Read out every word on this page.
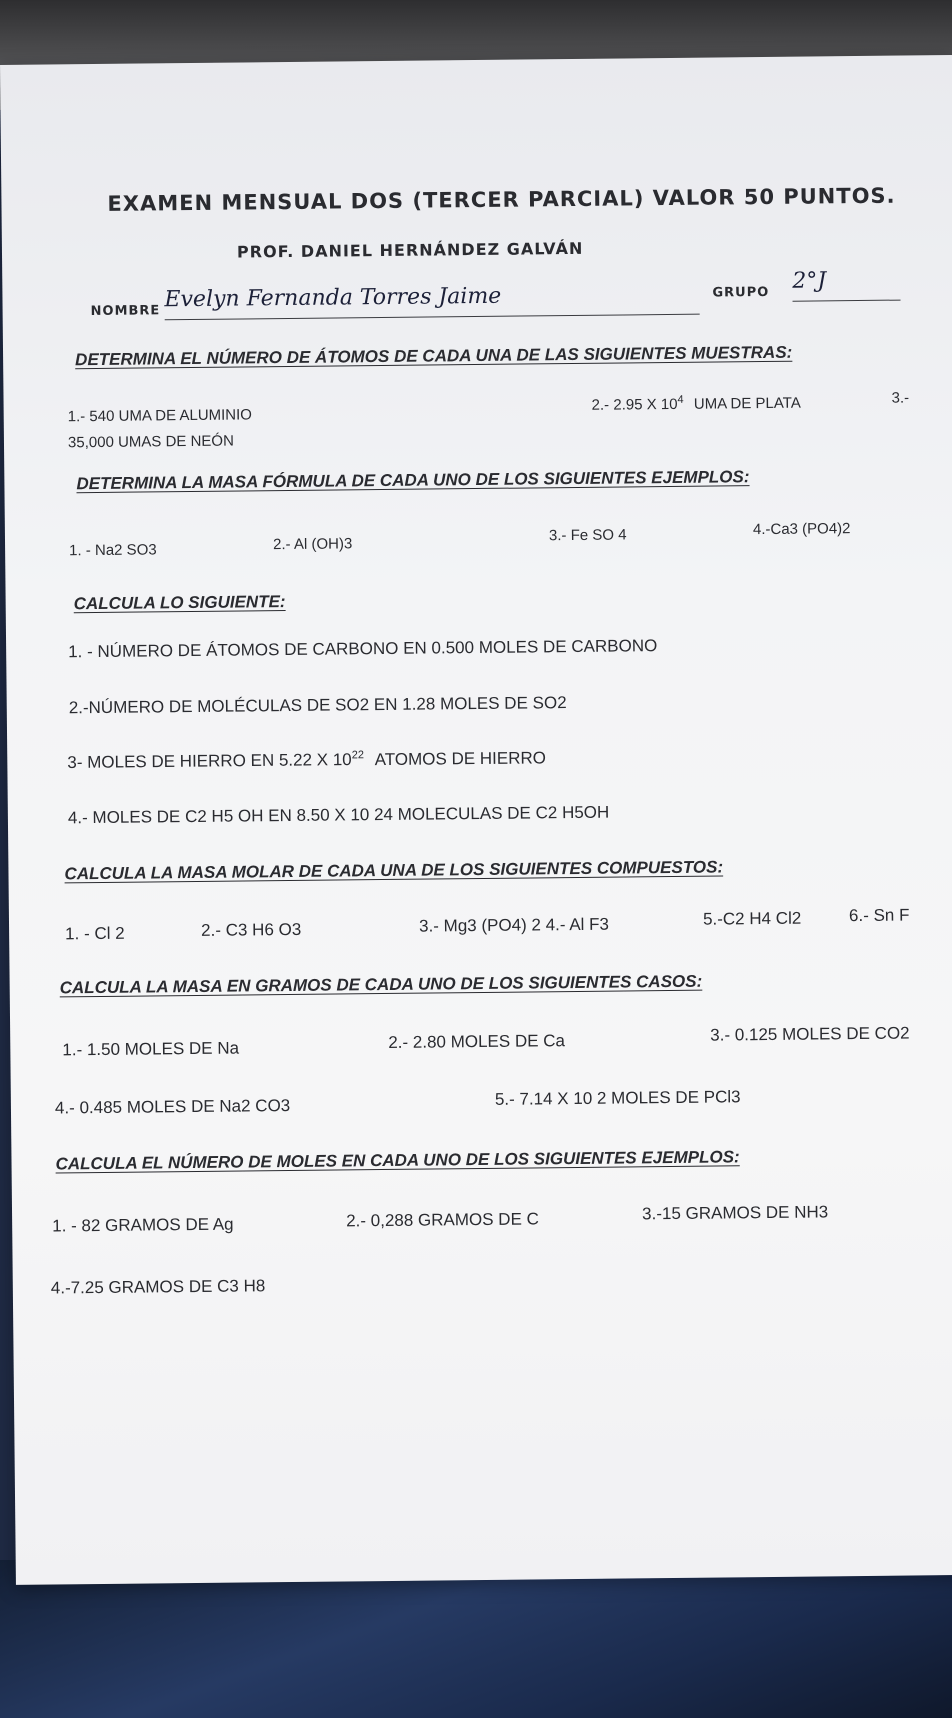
EXAMEN MENSUAL DOS (TERCER PARCIAL) VALOR 50 PUNTOS.
PROF. DANIEL HERNÁNDEZ GALVÁN
NOMBRE Evelyn Fernanda Torres Jaime	GRUPO 2°J
DETERMINA EL NÚMERO DE ÁTOMOS DE CADA UNA DE LAS SIGUIENTES MUESTRAS:
1.- 540 UMA DE ALUMINIO
2.- 2.95 X $10^4$ UMA DE PLATA	3.-
35,000 UMAS DE NEÓN
DETERMINA LA MASA FÓRMULA DE CADA UNO DE LOS SIGUIENTES EJEMPLOS:
1. - Na2 SO3	2.- Al (OH)3	3.- Fe SO 4	4.-Ca3 (PO4)2
CALCULA LO SIGUIENTE:
1. - NÚMERO DE ÁTOMOS DE CARBONO EN 0.500 MOLES DE CARBONO
2.-NÚMERO DE MOLÉCULAS DE SO2 EN 1.28 MOLES DE SO2
3- MOLES DE HIERRO EN 5.22 X $10^{22}$ ATOMOS DE HIERRO
4.- MOLES DE C2 H5 OH EN 8.50 X 10 24 MOLECULAS DE C2 H5OH
CALCULA LA MASA MOLAR DE CADA UNA DE LOS SIGUIENTES COMPUESTOS:
1. - Cl 2	2.- C3 H6 O3	3.- Mg3 (PO4) 2 4.- Al F3	5.-C2 H4 Cl2	6.- Sn F
CALCULA LA MASA EN GRAMOS DE CADA UNO DE LOS SIGUIENTES CASOS:
1.- 1.50 MOLES DE Na	2.- 2.80 MOLES DE Ca	3.- 0.125 MOLES DE CO2
4.- 0.485 MOLES DE Na2 CO3	5.- 7.14 X 10 2 MOLES DE PCl3
CALCULA EL NÚMERO DE MOLES EN CADA UNO DE LOS SIGUIENTES EJEMPLOS:
1. - 82 GRAMOS DE Ag	2.- 0,288 GRAMOS DE C	3.-15 GRAMOS DE NH3
4.-7.25 GRAMOS DE C3 H8
